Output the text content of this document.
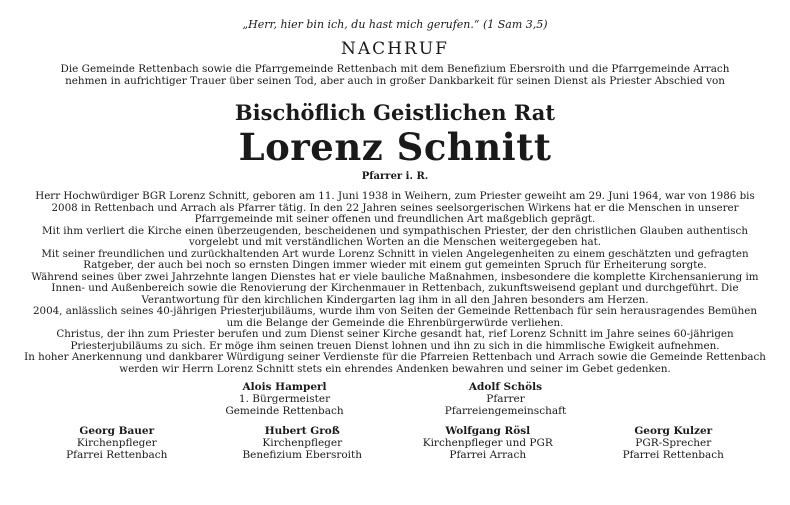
„Herr, hier bin ich, du hast mich gerufen.“ (1 Sam 3,5)
NACHRUF
Die Gemeinde Rettenbach sowie die Pfarrgemeinde Rettenbach mit dem Benefizium Ebersroith und die Pfarrgemeinde Arrach
nehmen in aufrichtiger Trauer über seinen Tod, aber auch in großer Dankbarkeit für seinen Dienst als Priester Abschied von
Bischöflich Geistlichen Rat
Lorenz Schnitt
Pfarrer i. R.

Herr Hochwürdiger BGR Lorenz Schnitt, geboren am 11. Juni 1938 in Weihern, zum Priester geweiht am 29. Juni 1964, war von 1986 bis 2008 in Rettenbach und Arrach als Pfarrer tätig. In den 22 Jahren seines seelsorgerischen Wirkens hat er die Menschen in unserer Pfarrgemeinde mit seiner offenen und freundlichen Art maßgeblich geprägt.

Mit ihm verliert die Kirche einen überzeugenden, bescheidenen und sympathischen Priester, der den christlichen Glauben authentisch vorgelebt und mit verständlichen Worten an die Menschen weitergegeben hat.

Mit seiner freundlichen und zurückhaltenden Art wurde Lorenz Schnitt in vielen Angelegenheiten zu einem geschätzten und gefragten Ratgeber, der auch bei noch so ernsten Dingen immer wieder mit einem gut gemeinten Spruch für Erheiterung sorgte.

Während seines über zwei Jahrzehnte langen Dienstes hat er viele bauliche Maßnahmen, insbesondere die komplette Kirchensanierung im Innen- und Außenbereich sowie die Renovierung der Kirchenmauer in Rettenbach, zukunftsweisend geplant und durchgeführt. Die Verantwortung für den kirchlichen Kindergarten lag ihm in all den Jahren besonders am Herzen.

2004, anlässlich seines 40-jährigen Priesterjubiläums, wurde ihm von Seiten der Gemeinde Rettenbach für sein herausragendes Bemühen um die Belange der Gemeinde die Ehrenbürgerwürde verliehen.

Christus, der ihn zum Priester berufen und zum Dienst seiner Kirche gesandt hat, rief Lorenz Schnitt im Jahre seines 60-jährigen Priesterjubiläums zu sich. Er möge ihm seinen treuen Dienst lohnen und ihn zu sich in die himmlische Ewigkeit aufnehmen.

In hoher Anerkennung und dankbarer Würdigung seiner Verdienste für die Pfarreien Rettenbach und Arrach sowie die Gemeinde Rettenbach werden wir Herrn Lorenz Schnitt stets ein ehrendes Andenken bewahren und seiner im Gebet gedenken.

Alois Hamperl
1. Bürgermeister
Gemeinde Rettenbach
Adolf Schöls
Pfarrer
Pfarreiengemeinschaft
Georg Bauer
Kirchenpfleger
Pfarrei Rettenbach
Hubert Groß
Kirchenpfleger
Benefizium Ebersroith
Wolfgang Rösl
Kirchenpfleger und PGR
Pfarrei Arrach
Georg Kulzer
PGR-Sprecher
Pfarrei Rettenbach
